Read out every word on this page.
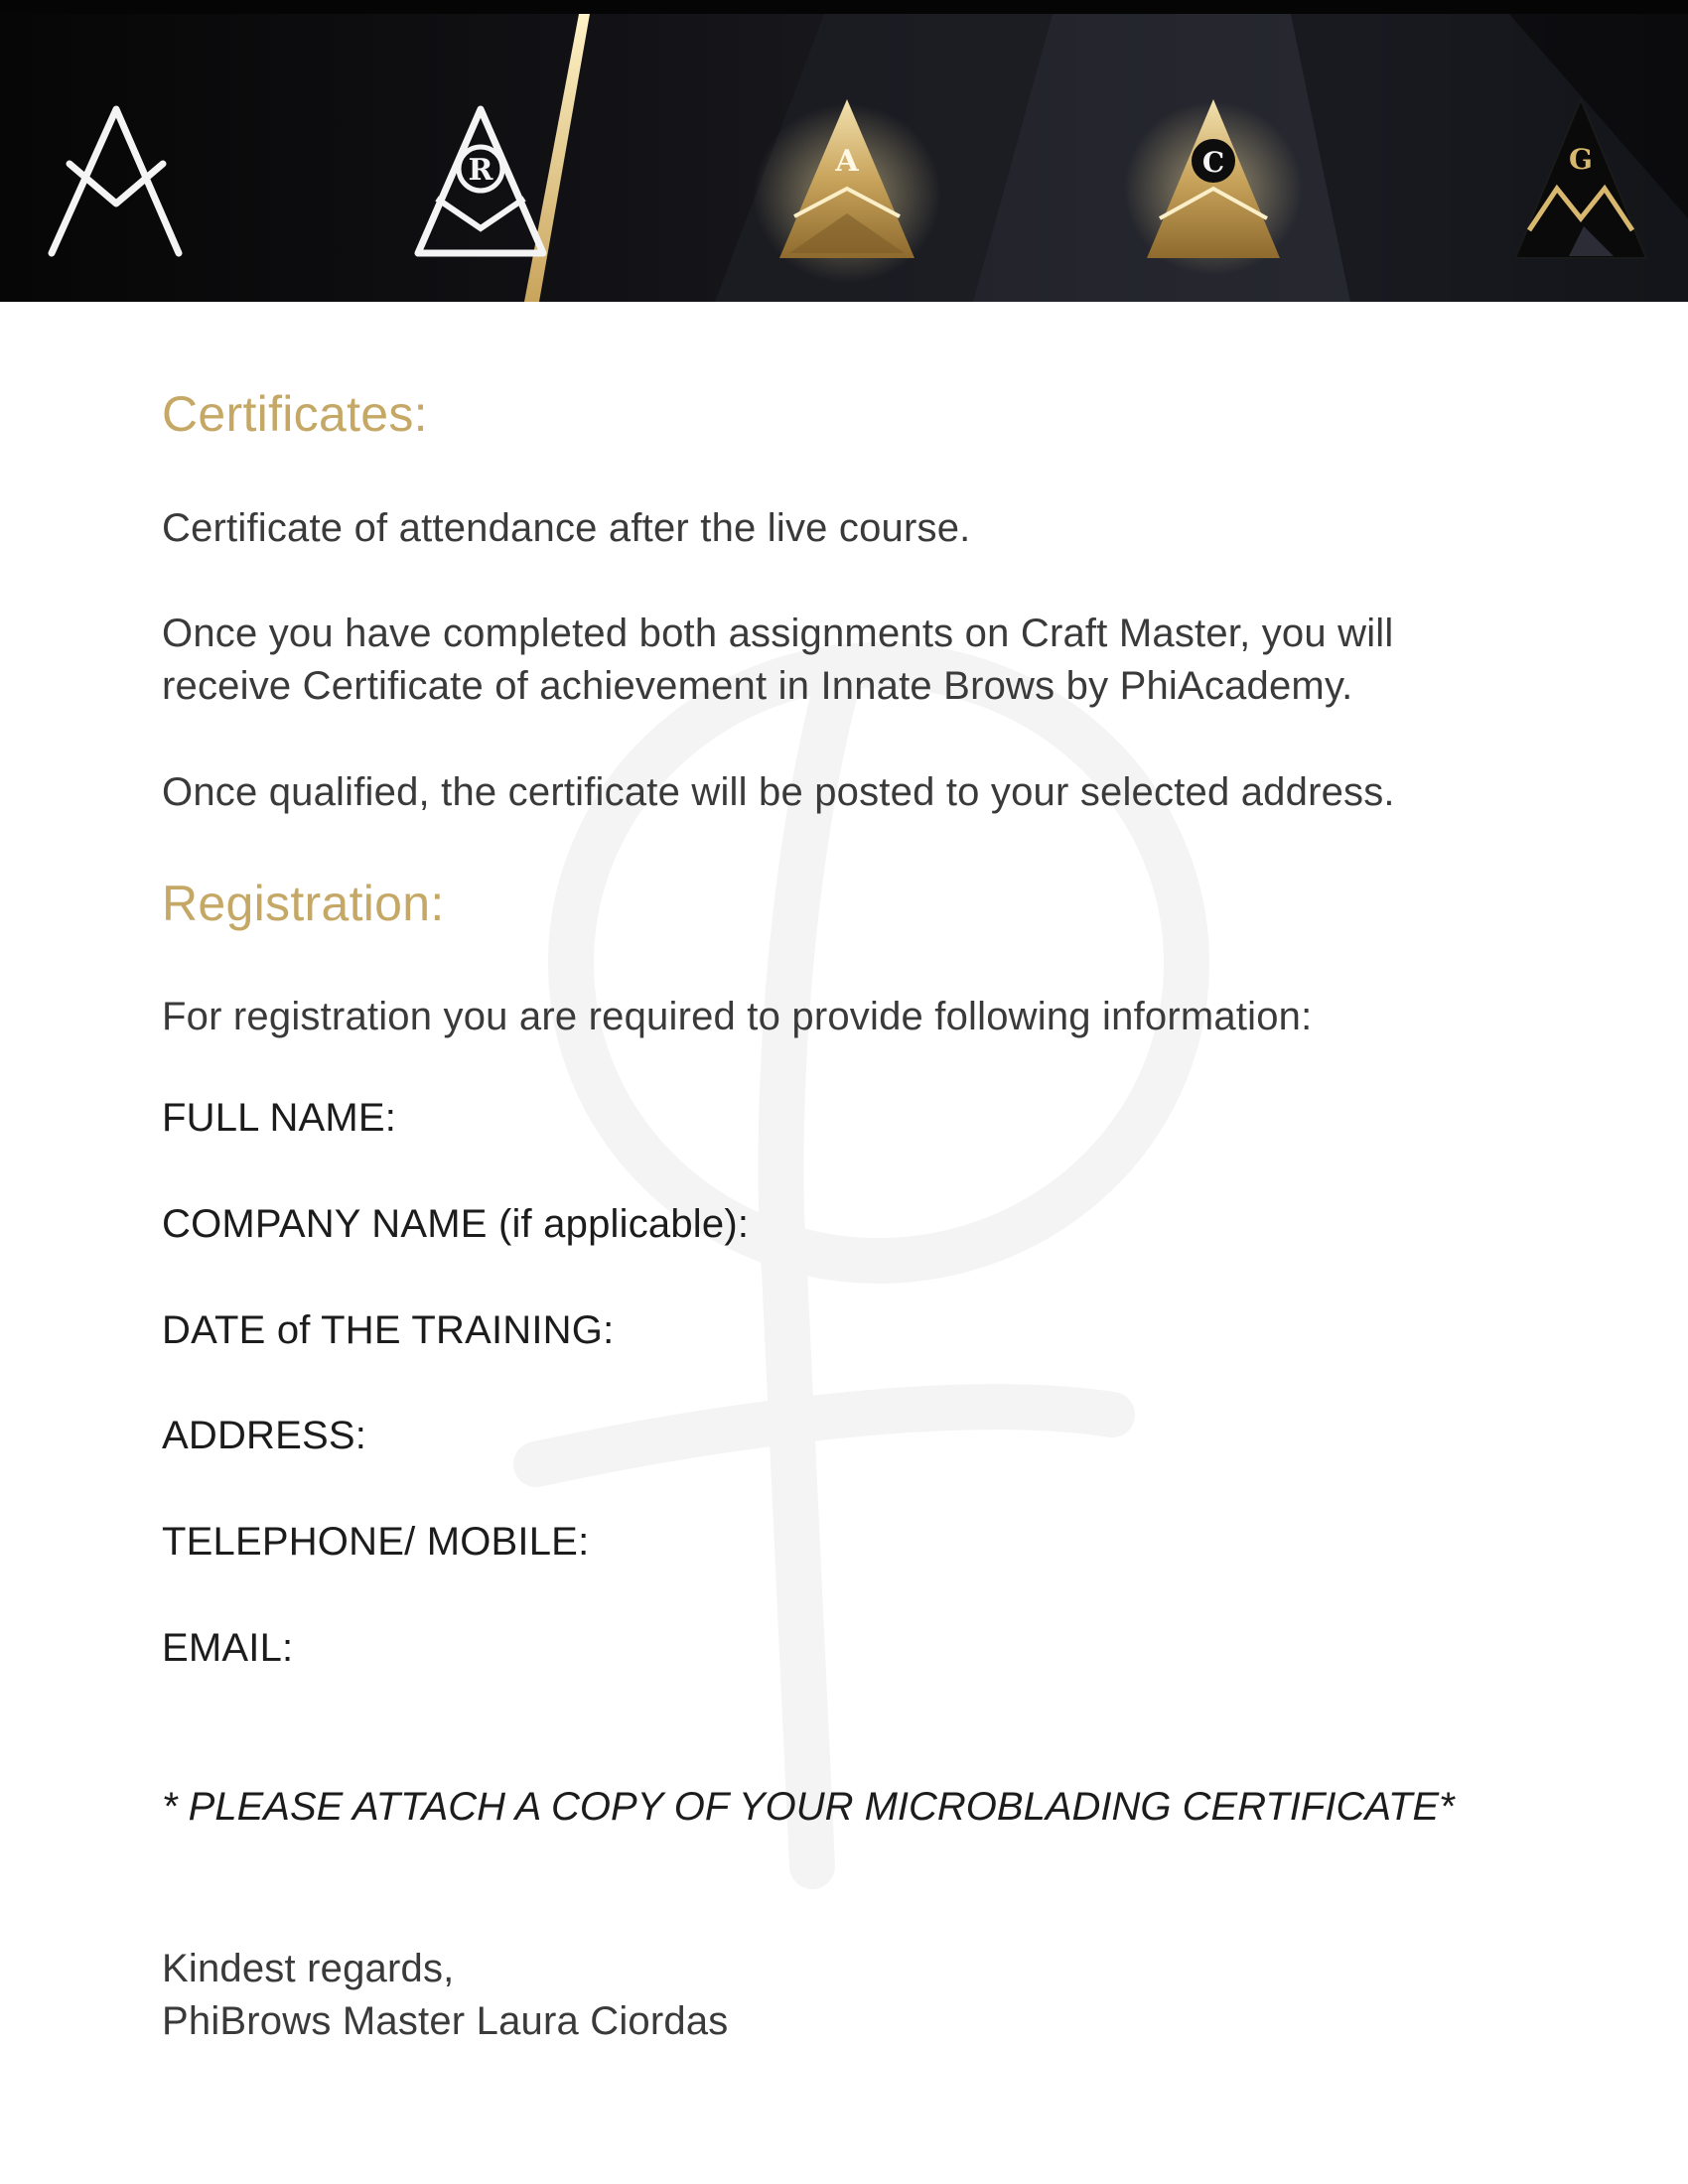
R	A	C	G
Certificates:

Certificate of attendance after the live course.

Once you have completed both assignments on Craft Master, you will

receive Certificate of achievement in Innate Brows by PhiAcademy.

Once qualified, the certificate will be posted to your selected address.

Registration:

For registration you are required to provide following information:

FULL NAME:

COMPANY NAME (if applicable):

DATE of THE TRAINING:

ADDRESS:

TELEPHONE/ MOBILE:

EMAIL:

* PLEASE ATTACH A COPY OF YOUR MICROBLADING CERTIFICATE*

Kindest regards,
PhiBrows Master Laura Ciordas
